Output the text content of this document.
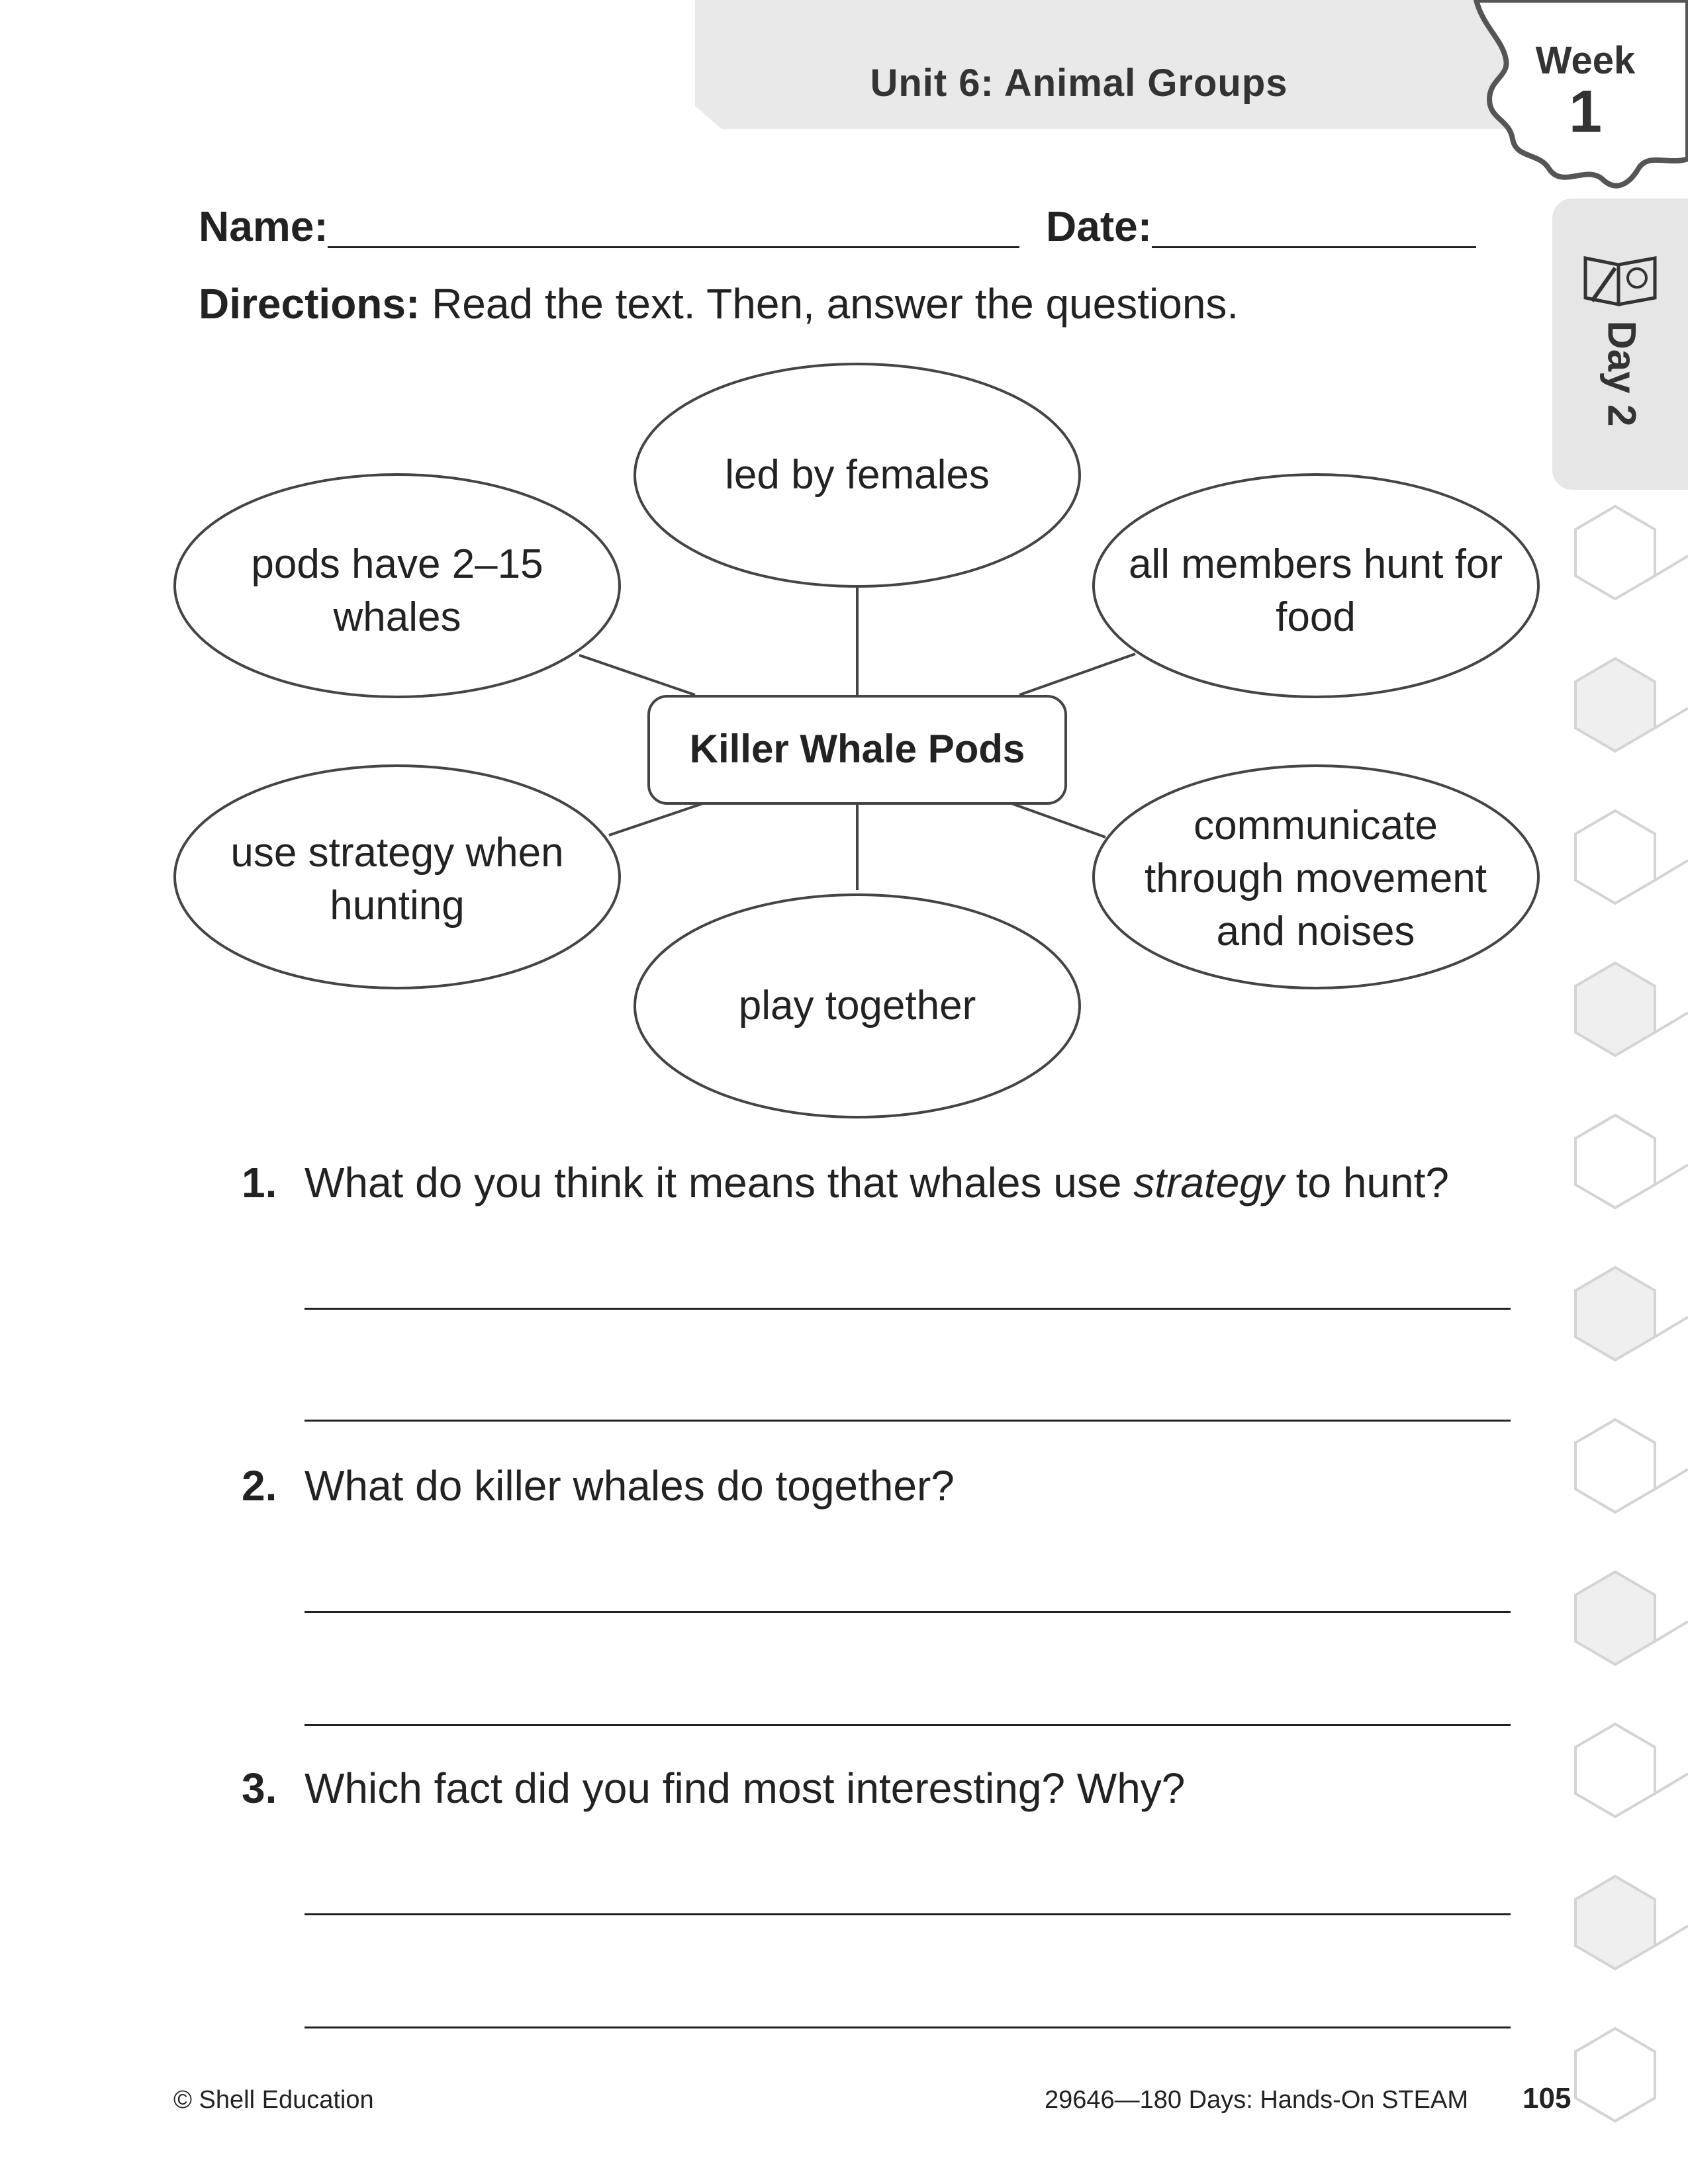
Unit 6: Animal Groups
Week
1
Day 2
Name:	Date:
Directions: Read the text. Then, answer the questions.
Killer Whale Pods
led by females
pods have 2–15 whales
all members hunt for food
use strategy when hunting
communicate through movement and noises
play together
1. What do you think it means that whales use strategy to hunt?
2. What do killer whales do together?
3. Which fact did you find most interesting? Why?
© Shell Education	29646—180 Days: Hands-On STEAM 105
